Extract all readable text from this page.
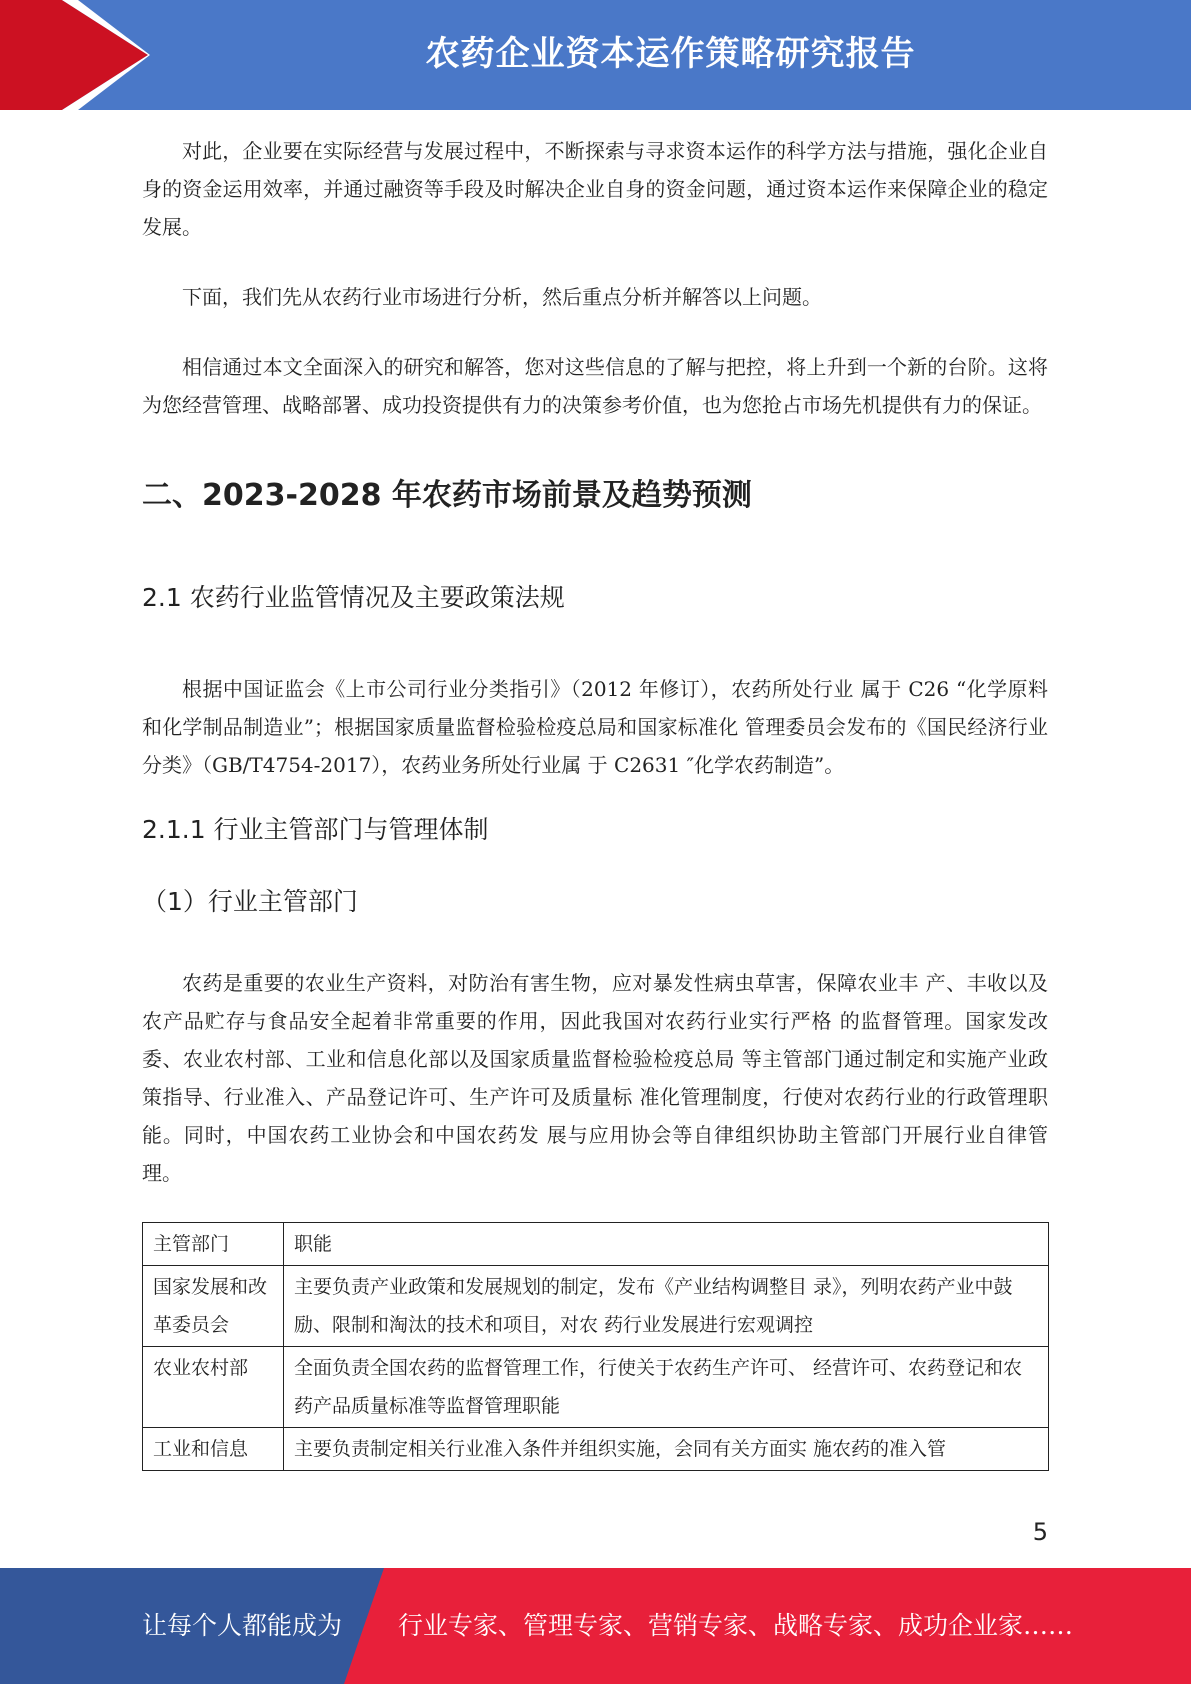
农药企业资本运作策略研究报告

对此，企业要在实际经营与发展过程中，不断探索与寻求资本运作的科学方法与措施，强化企业自身的资金运用效率，并通过融资等手段及时解决企业自身的资金问题，通过资本运作来保障企业的稳定发展。

下面，我们先从农药行业市场进行分析，然后重点分析并解答以上问题。

相信通过本文全面深入的研究和解答，您对这些信息的了解与把控，将上升到一个新的台阶。这将为您经营管理、战略部署、成功投资提供有力的决策参考价值，也为您抢占市场先机提供有力的保证。

二、2023-2028 年农药市场前景及趋势预测
2.1 农药行业监管情况及主要政策法规

根据中国证监会《上市公司行业分类指引》（2012 年修订），农药所处行业 属于 C26 “化学原料和化学制品制造业”；根据国家质量监督检验检疫总局和国家标准化 管理委员会发布的《国民经济行业分类》（GB/T4754-2017），农药业务所处行业属 于 C2631 ″化学农药制造”。

2.1.1 行业主管部门与管理体制
（1）行业主管部门

农药是重要的农业生产资料，对防治有害生物，应对暴发性病虫草害，保障农业丰 产、丰收以及农产品贮存与食品安全起着非常重要的作用，因此我国对农药行业实行严格 的监督管理。国家发改委、农业农村部、工业和信息化部以及国家质量监督检验检疫总局 等主管部门通过制定和实施产业政策指导、行业准入、产品登记许可、生产许可及质量标 准化管理制度，行使对农药行业的行政管理职能。同时，中国农药工业协会和中国农药发 展与应用协会等自律组织协助主管部门开展行业自律管理。

主管部门	职能
国家发展和改革委员会	主要负责产业政策和发展规划的制定，发布《产业结构调整目 录》，列明农药产业中鼓励、限制和淘汰的技术和项目，对农 药行业发展进行宏观调控
农业农村部	全面负责全国农药的监督管理工作，行使关于农药生产许可、 经营许可、农药登记和农药产品质量标准等监督管理职能
工业和信息	主要负责制定相关行业准入条件并组织实施，会同有关方面实 施农药的准入管
5
让每个人都能成为 行业专家、管理专家、营销专家、战略专家、成功企业家……
